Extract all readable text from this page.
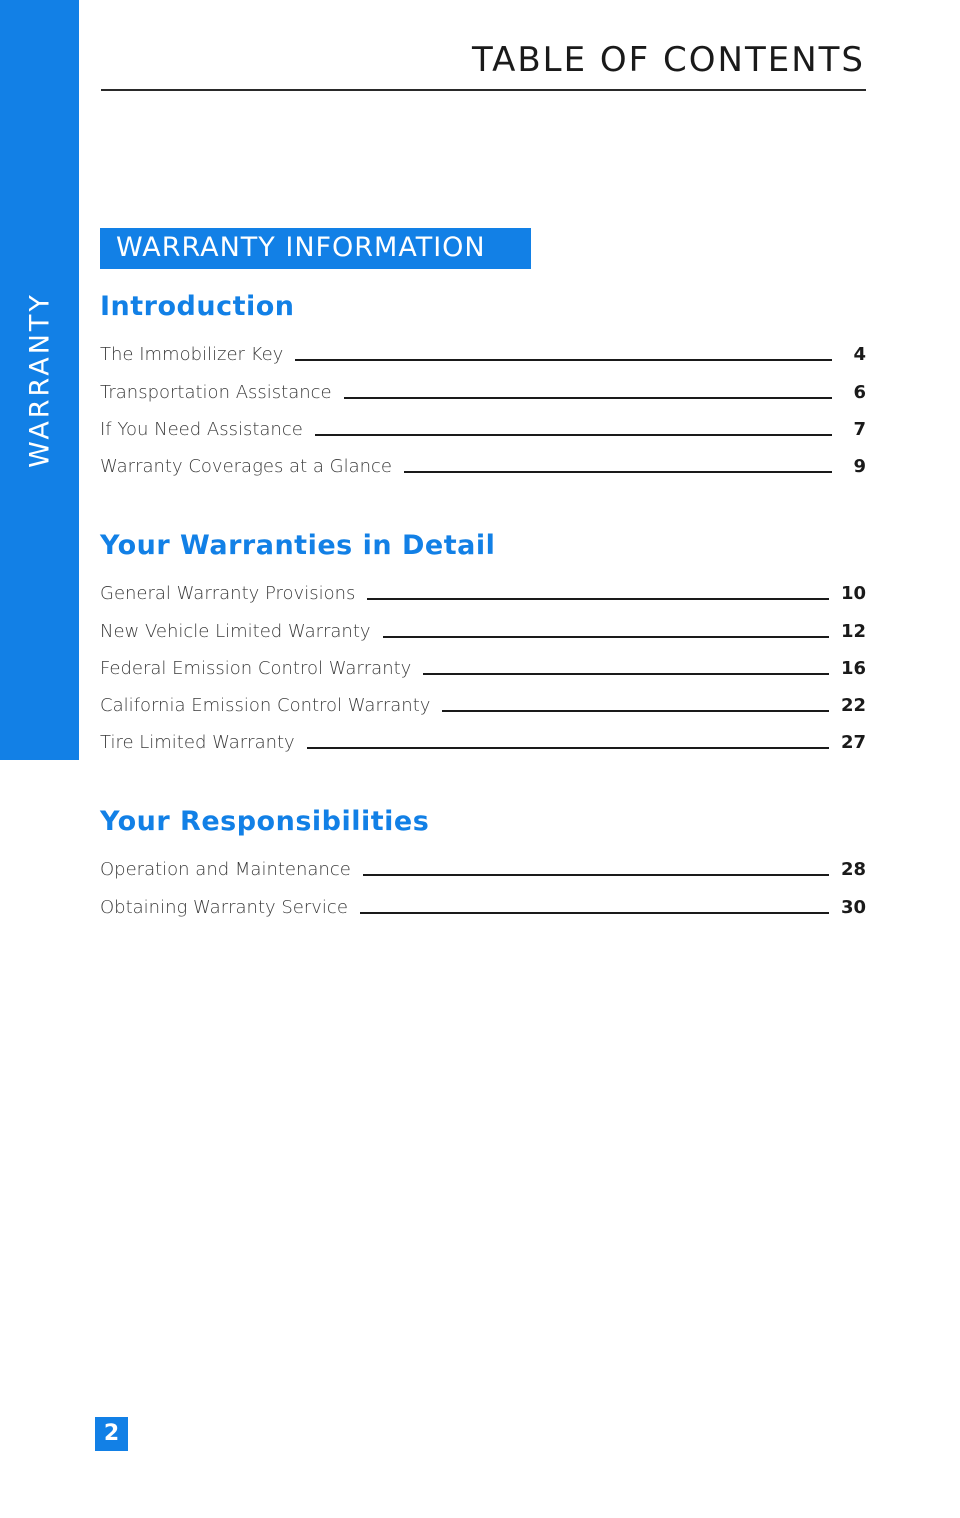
WARRANTY
TABLE OF CONTENTS
WARRANTY INFORMATION
Introduction
The Immobilizer Key	4
Transportation Assistance	6
If You Need Assistance	7
Warranty Coverages at a Glance	9
Your Warranties in Detail
General Warranty Provisions	10
New Vehicle Limited Warranty	12
Federal Emission Control Warranty	16
California Emission Control Warranty	22
Tire Limited Warranty	27
Your Responsibilities
Operation and Maintenance	28
Obtaining Warranty Service	30
2
